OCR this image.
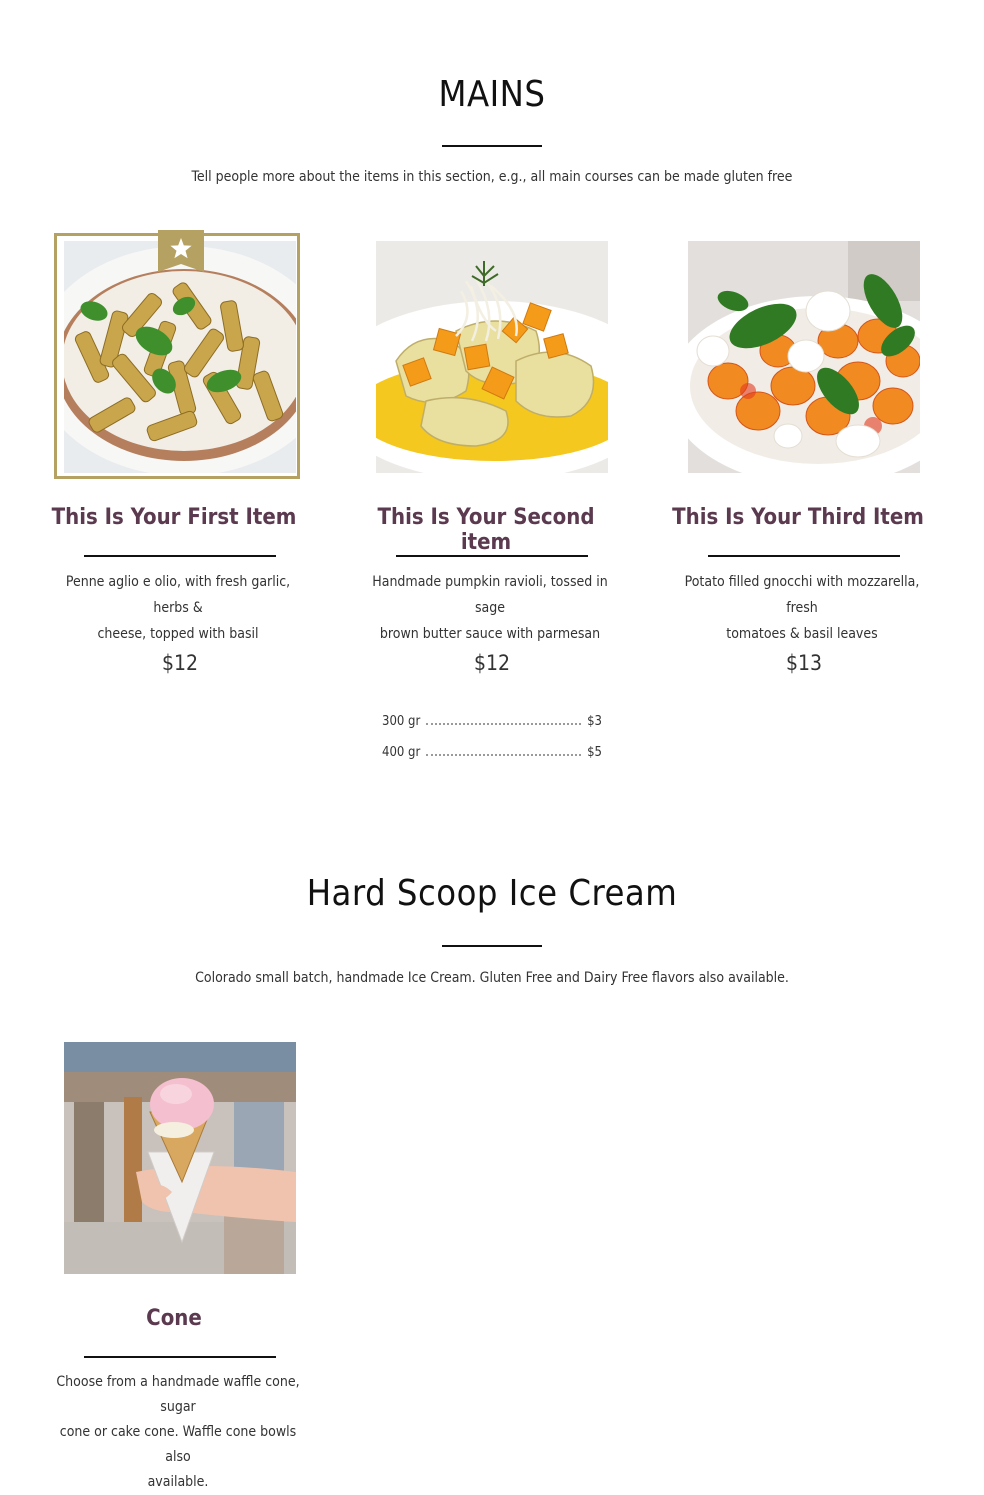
MAINS

Tell people more about the items in this section, e.g., all main courses can be made gluten free

This Is Your First Item

Penne aglio e olio, with fresh garlic, herbs &
cheese, topped with basil

$12
This Is Your Second item

Handmade pumpkin ravioli, tossed in sage
brown butter sauce with parmesan

$12
300 gr	$3
400 gr	$5
This Is Your Third Item

Potato filled gnocchi with mozzarella, fresh
tomatoes & basil leaves

$13
Hard Scoop Ice Cream

Colorado small batch, handmade Ice Cream. Gluten Free and Dairy Free flavors also available.

Cone

Choose from a handmade waffle cone, sugar
cone or cake cone. Waffle cone bowls also
available.
